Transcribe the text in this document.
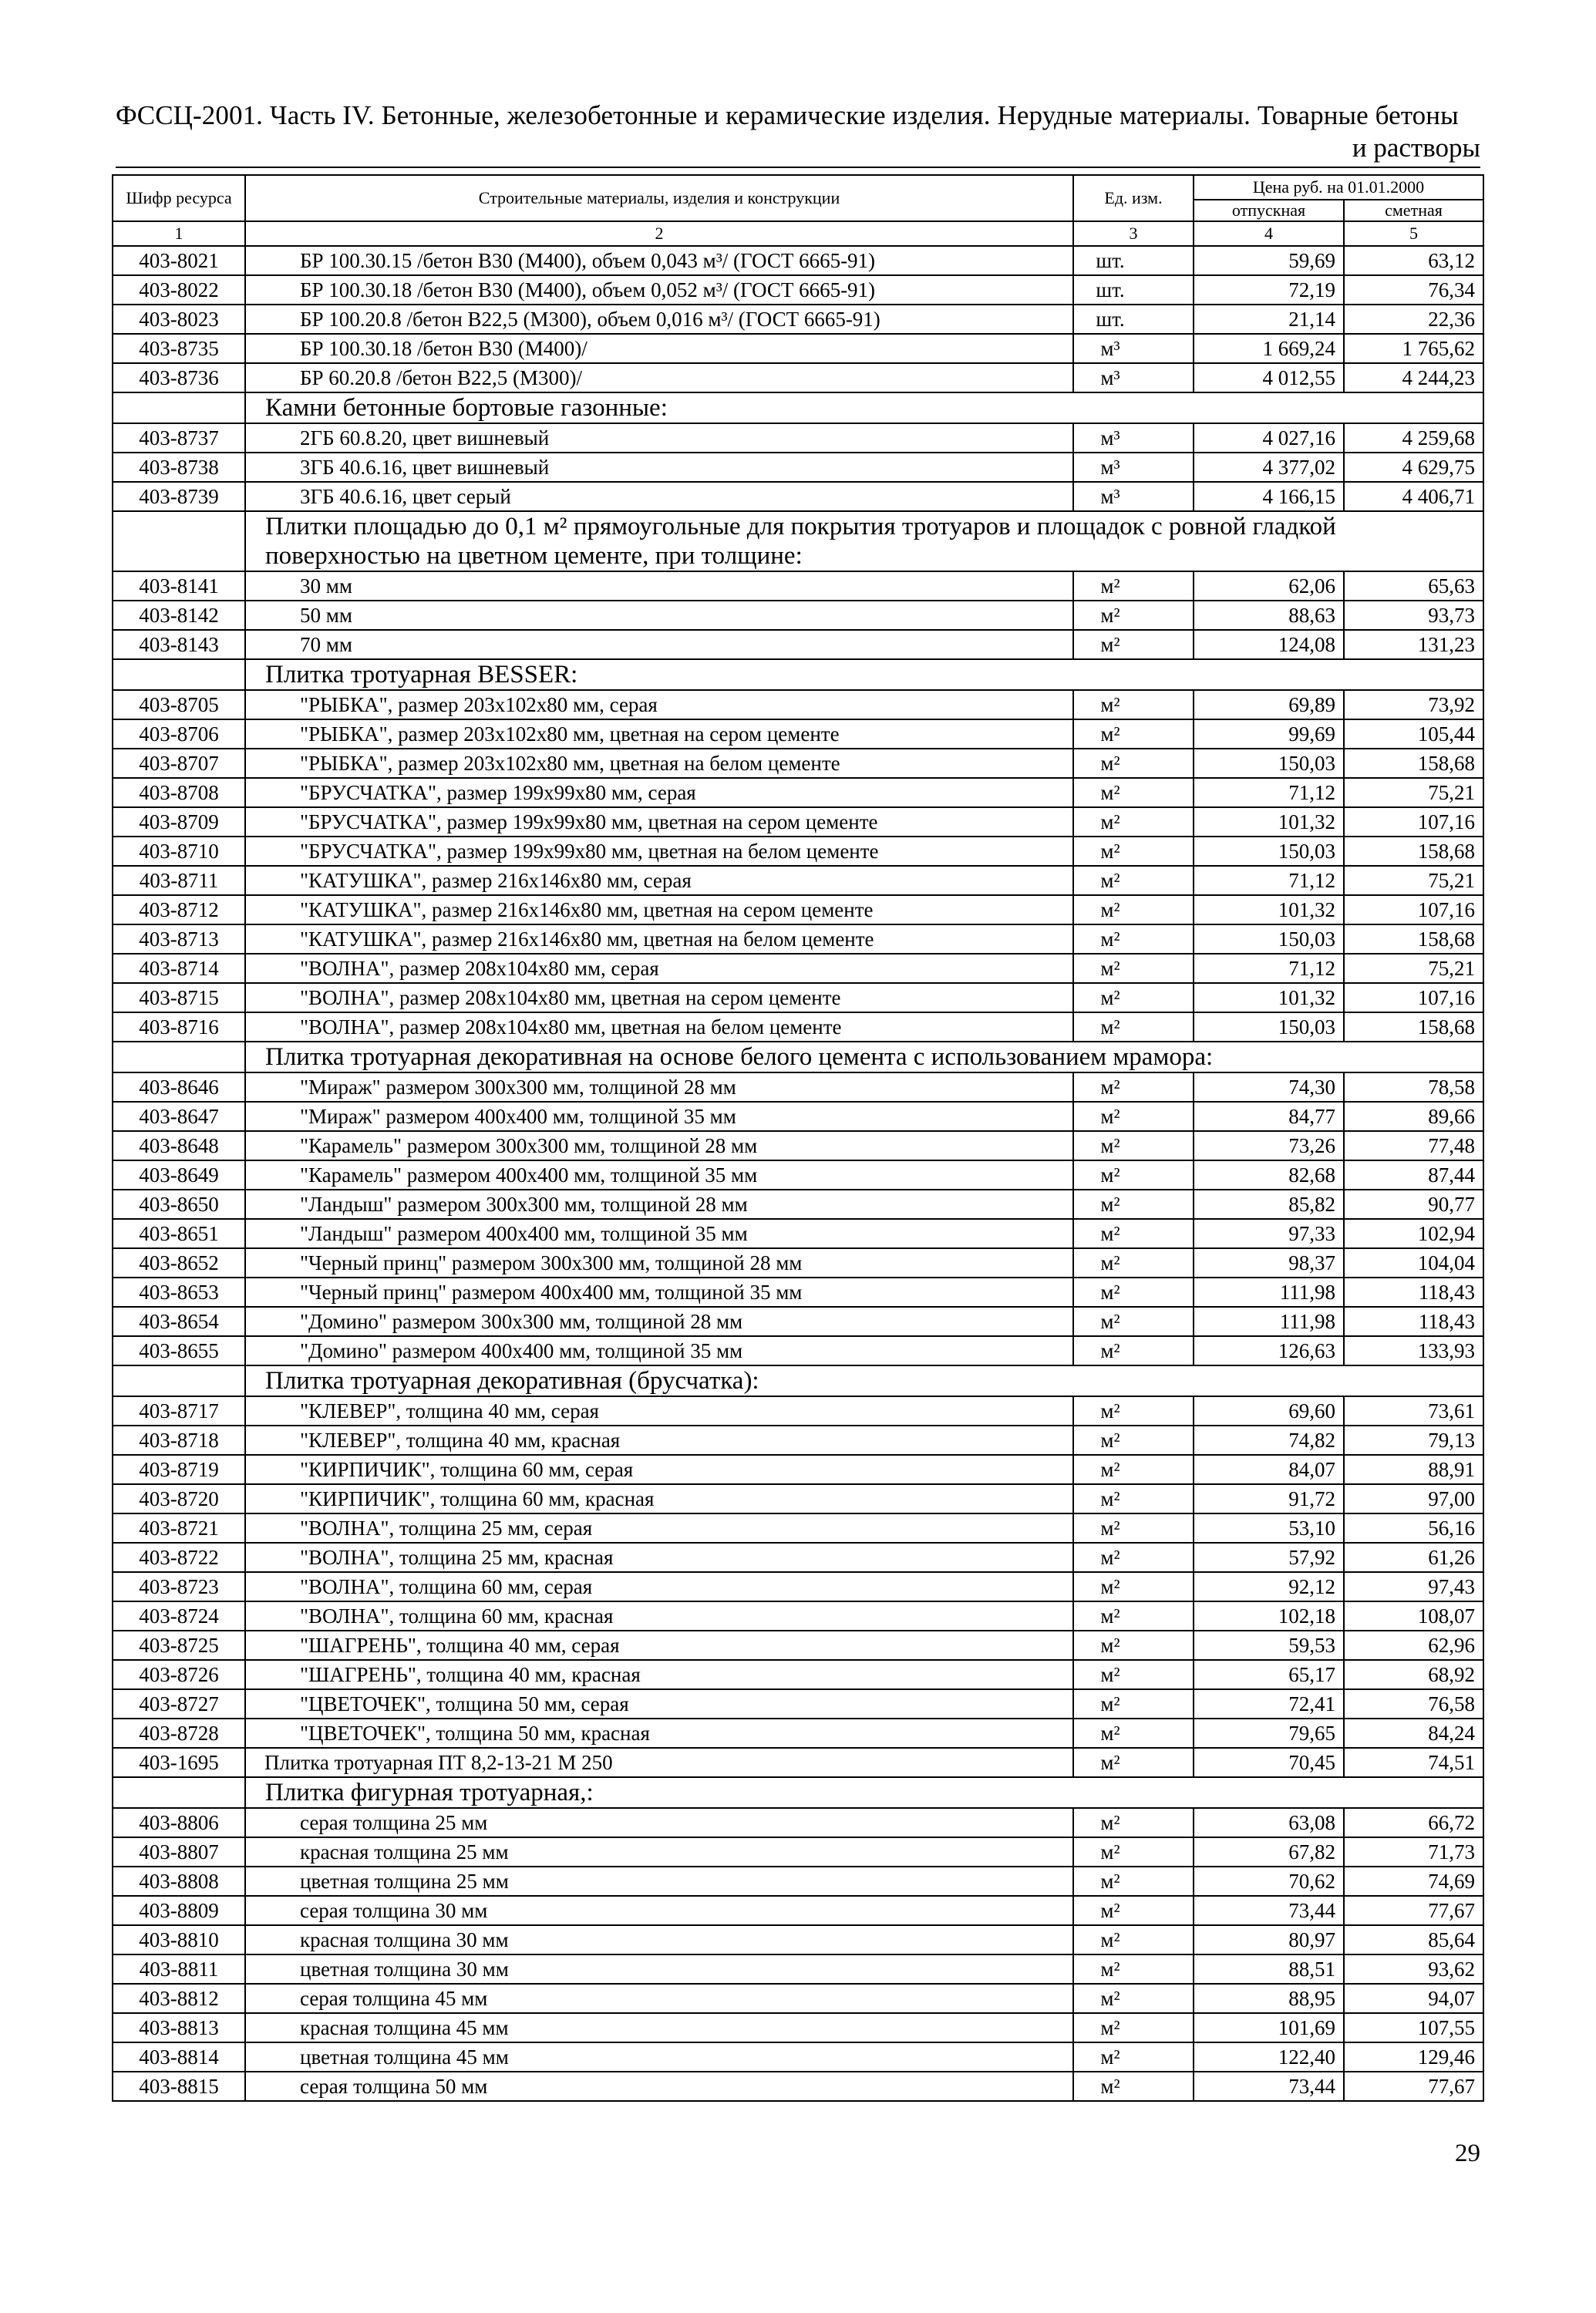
ФССЦ-2001. Часть IV. Бетонные, железобетонные и керамические изделия. Нерудные материалы. Товарные бетоны
и растворы
Шифр ресурса	Строительные материалы, изделия и конструкции	Ед. изм.	Цена руб. на 01.01.2000	
			отпускная	сметная
1	2	3	4	5
403-8021	БР 100.30.15 /бетон В30 (М400), объем 0,043 м³/ (ГОСТ 6665-91)	шт.	59,69	63,12
403-8022	БР 100.30.18 /бетон В30 (М400), объем 0,052 м³/ (ГОСТ 6665-91)	шт.	72,19	76,34
403-8023	БР 100.20.8 /бетон В22,5 (М300), объем 0,016 м³/ (ГОСТ 6665-91)	шт.	21,14	22,36
403-8735	БР 100.30.18 /бетон В30 (М400)/	м³	1 669,24	1 765,62
403-8736	БР 60.20.8 /бетон В22,5 (М300)/	м³	4 012,55	4 244,23
	Камни бетонные бортовые газонные:			
403-8737	2ГБ 60.8.20, цвет вишневый	м³	4 027,16	4 259,68
403-8738	3ГБ 40.6.16, цвет вишневый	м³	4 377,02	4 629,75
403-8739	3ГБ 40.6.16, цвет серый	м³	4 166,15	4 406,71
	Плитки площадью до 0,1 м² прямоугольные для покрытия тротуаров и площадок с ровной гладкой поверхностью на цветном цементе, при толщине:			
403-8141	30 мм	м²	62,06	65,63
403-8142	50 мм	м²	88,63	93,73
403-8143	70 мм	м²	124,08	131,23
	Плитка тротуарная BESSER:			
403-8705	"РЫБКА", размер 203x102x80 мм, серая	м²	69,89	73,92
403-8706	"РЫБКА", размер 203x102x80 мм, цветная на сером цементе	м²	99,69	105,44
403-8707	"РЫБКА", размер 203x102x80 мм, цветная на белом цементе	м²	150,03	158,68
403-8708	"БРУСЧАТКА", размер 199x99x80 мм, серая	м²	71,12	75,21
403-8709	"БРУСЧАТКА", размер 199x99x80 мм, цветная на сером цементе	м²	101,32	107,16
403-8710	"БРУСЧАТКА", размер 199x99x80 мм, цветная на белом цементе	м²	150,03	158,68
403-8711	"КАТУШКА", размер 216x146x80 мм, серая	м²	71,12	75,21
403-8712	"КАТУШКА", размер 216x146x80 мм, цветная на сером цементе	м²	101,32	107,16
403-8713	"КАТУШКА", размер 216x146x80 мм, цветная на белом цементе	м²	150,03	158,68
403-8714	"ВОЛНА", размер 208x104x80 мм, серая	м²	71,12	75,21
403-8715	"ВОЛНА", размер 208x104x80 мм, цветная на сером цементе	м²	101,32	107,16
403-8716	"ВОЛНА", размер 208x104x80 мм, цветная на белом цементе	м²	150,03	158,68
	Плитка тротуарная декоративная на основе белого цемента с использованием мрамора:			
403-8646	"Мираж" размером 300x300 мм, толщиной 28 мм	м²	74,30	78,58
403-8647	"Мираж" размером 400x400 мм, толщиной 35 мм	м²	84,77	89,66
403-8648	"Карамель" размером 300x300 мм, толщиной 28 мм	м²	73,26	77,48
403-8649	"Карамель" размером 400x400 мм, толщиной 35 мм	м²	82,68	87,44
403-8650	"Ландыш" размером 300x300 мм, толщиной 28 мм	м²	85,82	90,77
403-8651	"Ландыш" размером 400x400 мм, толщиной 35 мм	м²	97,33	102,94
403-8652	"Черный принц" размером 300x300 мм, толщиной 28 мм	м²	98,37	104,04
403-8653	"Черный принц" размером 400x400 мм, толщиной 35 мм	м²	111,98	118,43
403-8654	"Домино" размером 300x300 мм, толщиной 28 мм	м²	111,98	118,43
403-8655	"Домино" размером 400x400 мм, толщиной 35 мм	м²	126,63	133,93
	Плитка тротуарная декоративная (брусчатка):			
403-8717	"КЛЕВЕР", толщина 40 мм, серая	м²	69,60	73,61
403-8718	"КЛЕВЕР", толщина 40 мм, красная	м²	74,82	79,13
403-8719	"КИРПИЧИК", толщина 60 мм, серая	м²	84,07	88,91
403-8720	"КИРПИЧИК", толщина 60 мм, красная	м²	91,72	97,00
403-8721	"ВОЛНА", толщина 25 мм, серая	м²	53,10	56,16
403-8722	"ВОЛНА", толщина 25 мм, красная	м²	57,92	61,26
403-8723	"ВОЛНА", толщина 60 мм, серая	м²	92,12	97,43
403-8724	"ВОЛНА", толщина 60 мм, красная	м²	102,18	108,07
403-8725	"ШАГРЕНЬ", толщина 40 мм, серая	м²	59,53	62,96
403-8726	"ШАГРЕНЬ", толщина 40 мм, красная	м²	65,17	68,92
403-8727	"ЦВЕТОЧЕК", толщина 50 мм, серая	м²	72,41	76,58
403-8728	"ЦВЕТОЧЕК", толщина 50 мм, красная	м²	79,65	84,24
403-1695	Плитка тротуарная ПТ 8,2-13-21 М 250	м²	70,45	74,51
	Плитка фигурная тротуарная,:			
403-8806	серая толщина 25 мм	м²	63,08	66,72
403-8807	красная толщина 25 мм	м²	67,82	71,73
403-8808	цветная толщина 25 мм	м²	70,62	74,69
403-8809	серая толщина 30 мм	м²	73,44	77,67
403-8810	красная толщина 30 мм	м²	80,97	85,64
403-8811	цветная толщина 30 мм	м²	88,51	93,62
403-8812	серая толщина 45 мм	м²	88,95	94,07
403-8813	красная толщина 45 мм	м²	101,69	107,55
403-8814	цветная толщина 45 мм	м²	122,40	129,46
403-8815	серая толщина 50 мм	м²	73,44	77,67
29
